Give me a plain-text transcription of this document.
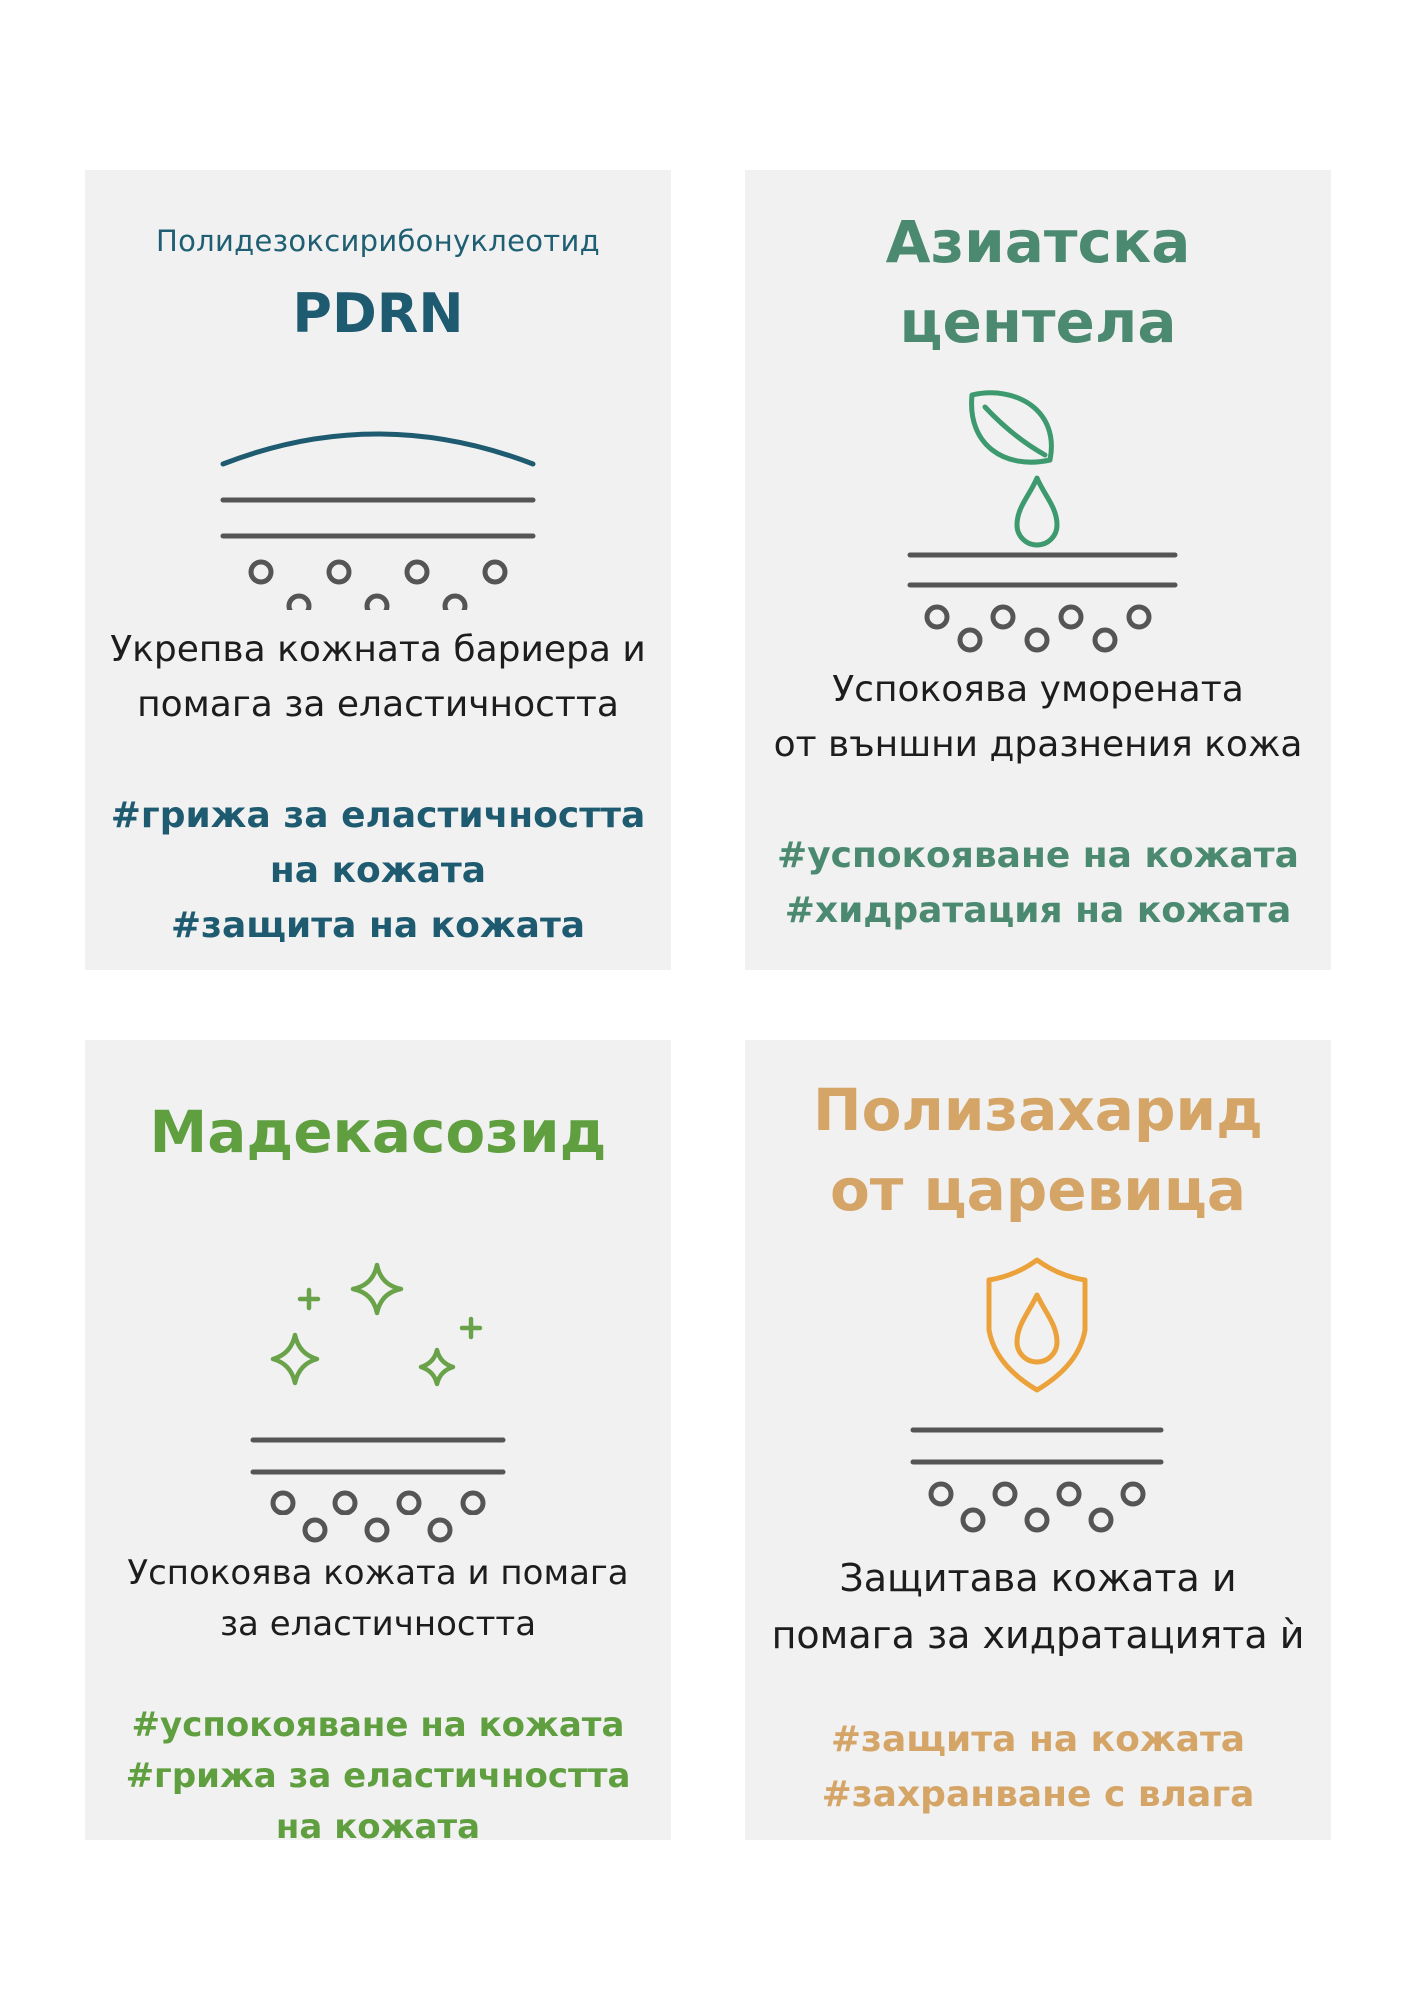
Полидезоксирибонуклеотид
PDRN
Укрепва кожната бариера и
помага за еластичността
#грижа за еластичността
на кожата
#защита на кожата
Азиатска
центела
Успокоява уморената
от външни дразнения кожа
#успокояване на кожата
#хидратация на кожата
Мадекасозид
Успокоява кожата и помага
за еластичността
#успокояване на кожата
#грижа за еластичността
на кожата
Полизахарид
от царевица
Защитава кожата и
помага за хидратацията ѝ
#защита на кожата
#захранване с влага
